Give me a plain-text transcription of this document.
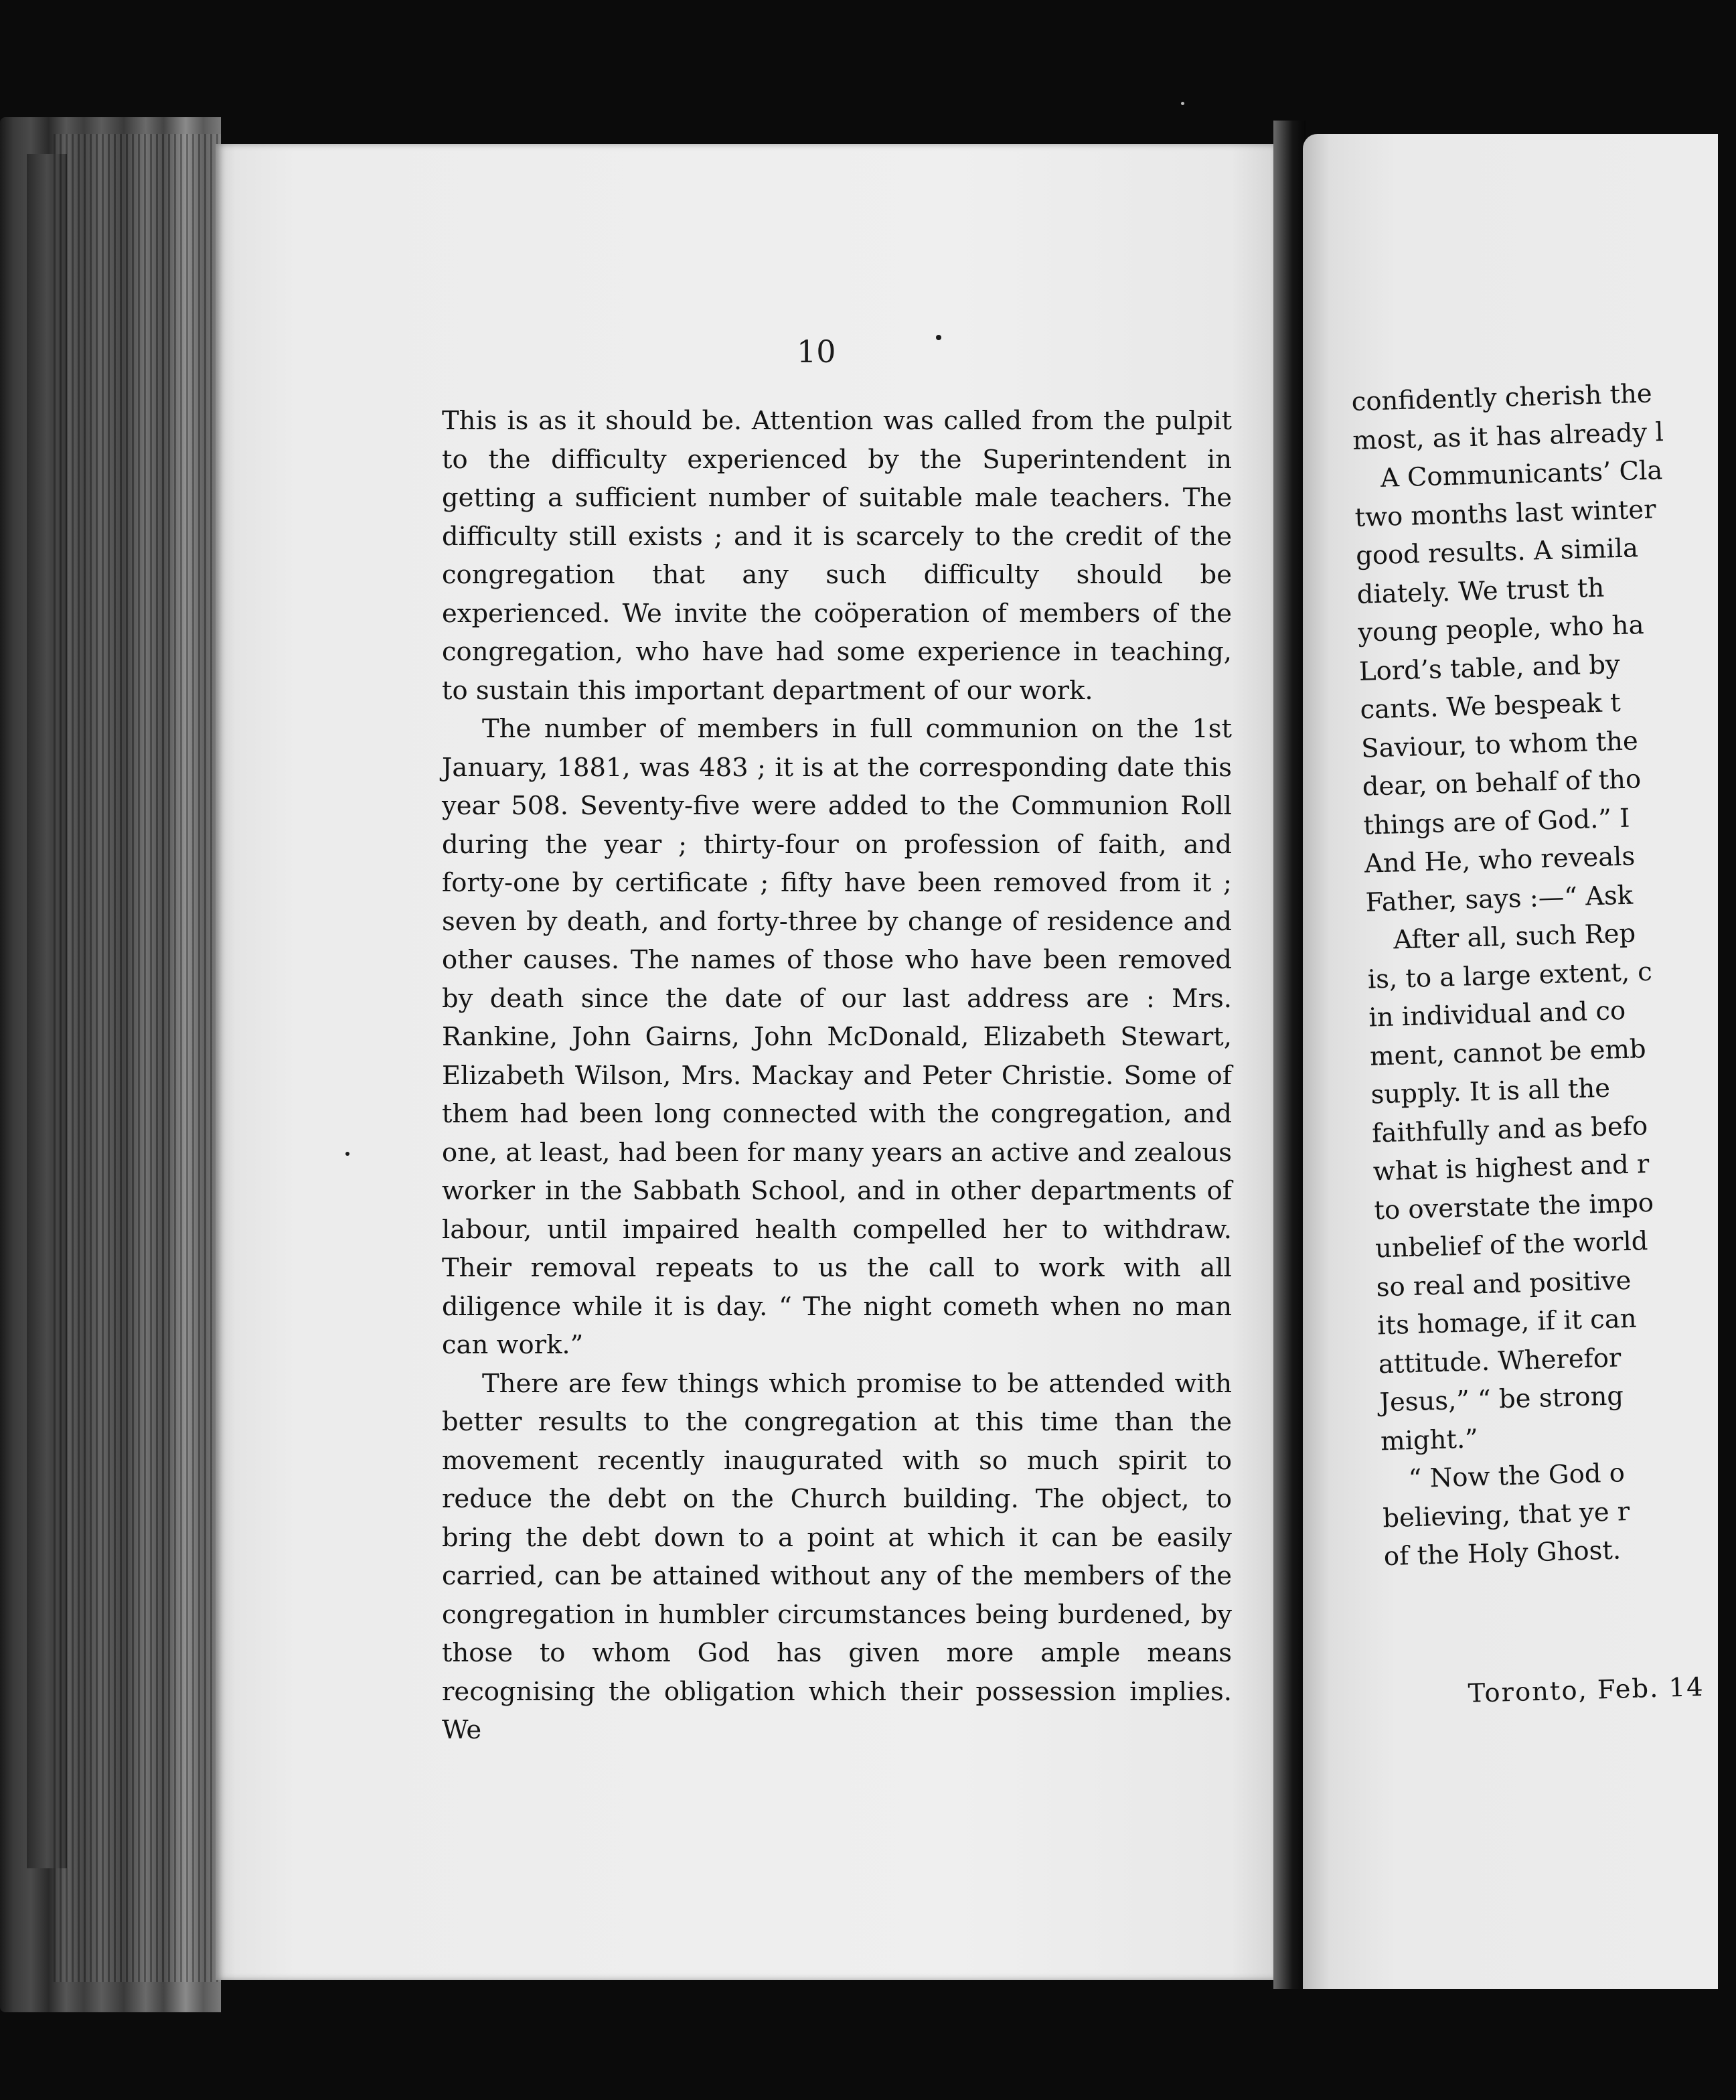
10

This is as it should be. Attention was called from the pulpit to the difficulty experienced by the Superintendent in getting a sufficient number of suitable male teachers. The difficulty still exists ; and it is scarcely to the credit of the congregation that any such difficulty should be experienced. We invite the coöperation of members of the congregation, who have had some experience in teaching, to sustain this important department of our work.

The number of members in full communion on the 1st January, 1881, was 483 ; it is at the corresponding date this year 508. Seventy-five were added to the Communion Roll during the year ; thirty-four on profession of faith, and forty-one by certificate ; fifty have been removed from it ; seven by death, and forty-three by change of residence and other causes. The names of those who have been removed by death since the date of our last address are : Mrs. Rankine, John Gairns, John McDonald, Elizabeth Stewart, Elizabeth Wilson, Mrs. Mackay and Peter Christie. Some of them had been long connected with the congregation, and one, at least, had been for many years an active and zealous worker in the Sabbath School, and in other departments of labour, until impaired health compelled her to withdraw. Their removal repeats to us the call to work with all diligence while it is day. “ The night cometh when no man can work.”

There are few things which promise to be attended with better results to the congregation at this time than the movement recently inaugurated with so much spirit to reduce the debt on the Church building. The object, to bring the debt down to a point at which it can be easily carried, can be attained without any of the members of the congregation in humbler circumstances being burdened, by those to whom God has given more ample means recognising the obligation which their possession implies. We

confidently cherish the
most, as it has already l
A Communicants’ Cla
two months last winter
good results. A simila
diately. We trust th
young people, who ha
Lord’s table, and by
cants. We bespeak t
Saviour, to whom the
dear, on behalf of tho
things are of God.” I
And He, who reveals
Father, says :—“ Ask
After all, such Rep
is, to a large extent, c
in individual and co
ment, cannot be emb
supply. It is all the
faithfully and as befo
what is highest and r
to overstate the impo
unbelief of the world
so real and positive
its homage, if it can
attitude. Wherefor
Jesus,” “ be strong
might.”
“ Now the God o
believing, that ye r
of the Holy Ghost.
Toronto, Feb. 14
